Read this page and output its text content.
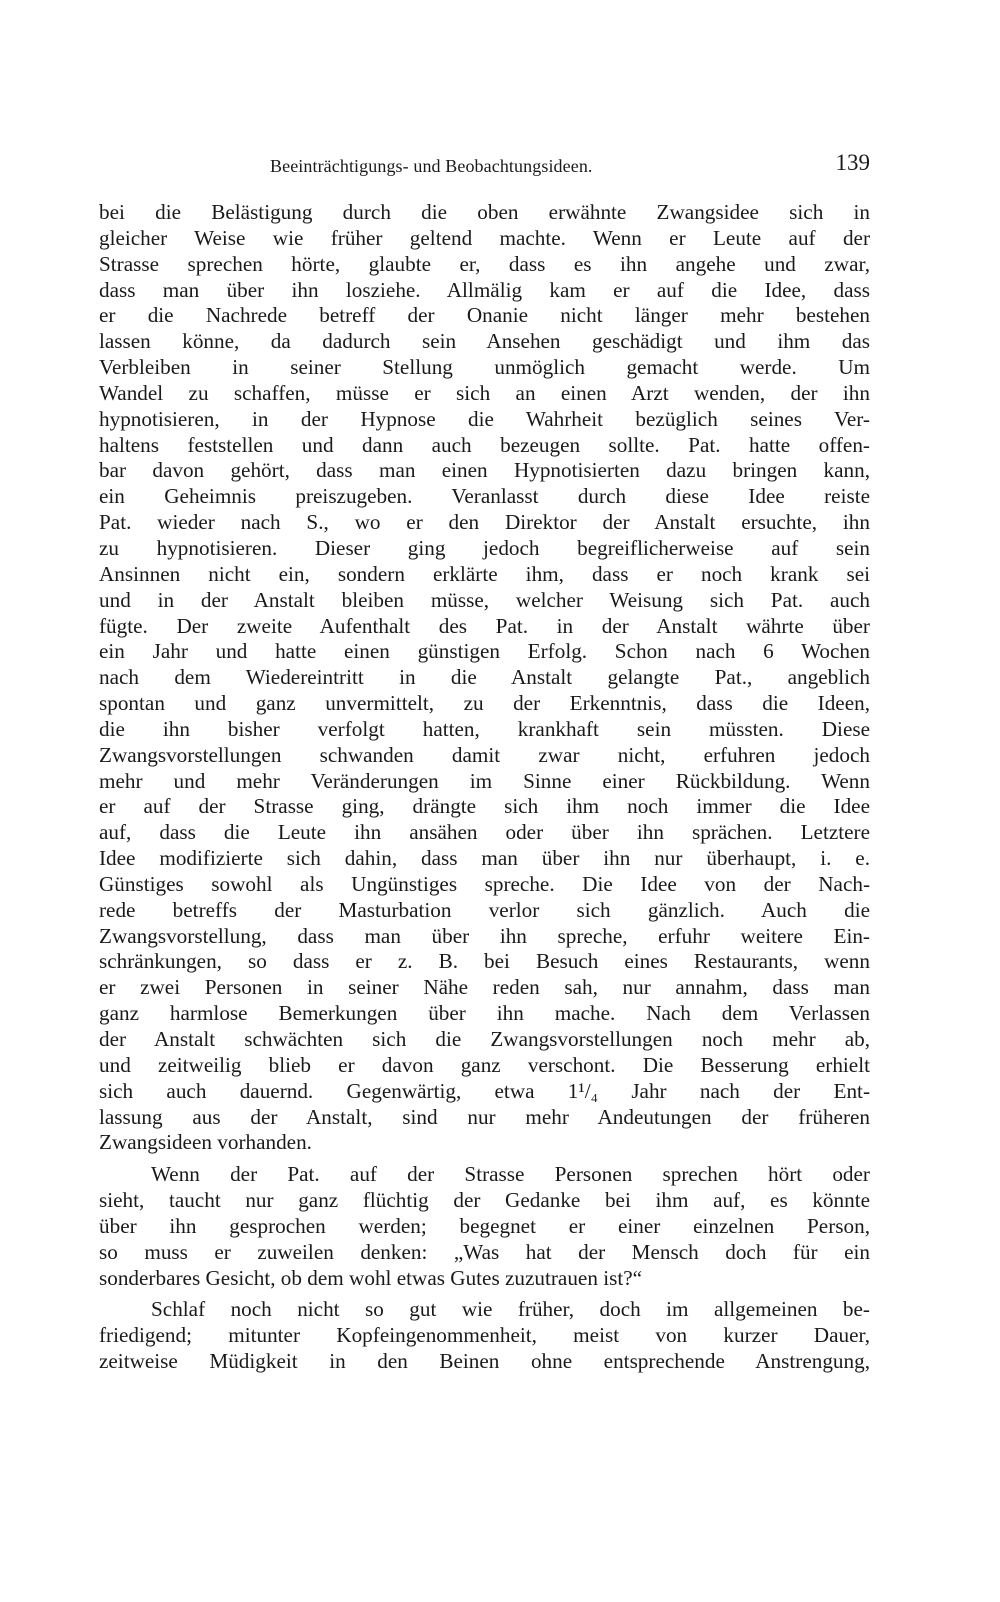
Beeinträchtigungs- und Beobachtungsideen.	139
bei die Belästigung durch die oben erwähnte Zwangsidee sich in
gleicher Weise wie früher geltend machte. Wenn er Leute auf der
Strasse sprechen hörte, glaubte er, dass es ihn angehe und zwar,
dass man über ihn losziehe. Allmälig kam er auf die Idee, dass
er die Nachrede betreff der Onanie nicht länger mehr bestehen
lassen könne, da dadurch sein Ansehen geschädigt und ihm das
Verbleiben in seiner Stellung unmöglich gemacht werde. Um
Wandel zu schaffen, müsse er sich an einen Arzt wenden, der ihn
hypnotisieren, in der Hypnose die Wahrheit bezüglich seines Ver-
haltens feststellen und dann auch bezeugen sollte. Pat. hatte offen-
bar davon gehört, dass man einen Hypnotisierten dazu bringen kann,
ein Geheimnis preiszugeben. Veranlasst durch diese Idee reiste
Pat. wieder nach S., wo er den Direktor der Anstalt ersuchte, ihn
zu hypnotisieren. Dieser ging jedoch begreiflicherweise auf sein
Ansinnen nicht ein, sondern erklärte ihm, dass er noch krank sei
und in der Anstalt bleiben müsse, welcher Weisung sich Pat. auch
fügte. Der zweite Aufenthalt des Pat. in der Anstalt währte über
ein Jahr und hatte einen günstigen Erfolg. Schon nach 6 Wochen
nach dem Wiedereintritt in die Anstalt gelangte Pat., angeblich
spontan und ganz unvermittelt, zu der Erkenntnis, dass die Ideen,
die ihn bisher verfolgt hatten, krankhaft sein müssten. Diese
Zwangsvorstellungen schwanden damit zwar nicht, erfuhren jedoch
mehr und mehr Veränderungen im Sinne einer Rückbildung. Wenn
er auf der Strasse ging, drängte sich ihm noch immer die Idee
auf, dass die Leute ihn ansähen oder über ihn sprächen. Letztere
Idee modifizierte sich dahin, dass man über ihn nur überhaupt, i. e.
Günstiges sowohl als Ungünstiges spreche. Die Idee von der Nach-
rede betreffs der Masturbation verlor sich gänzlich. Auch die
Zwangsvorstellung, dass man über ihn spreche, erfuhr weitere Ein-
schränkungen, so dass er z. B. bei Besuch eines Restaurants, wenn
er zwei Personen in seiner Nähe reden sah, nur annahm, dass man
ganz harmlose Bemerkungen über ihn mache. Nach dem Verlassen
der Anstalt schwächten sich die Zwangsvorstellungen noch mehr ab,
und zeitweilig blieb er davon ganz verschont. Die Besserung erhielt
sich auch dauernd. Gegenwärtig, etwa 1¹/₄ Jahr nach der Ent-
lassung aus der Anstalt, sind nur mehr Andeutungen der früheren
Zwangsideen vorhanden.
Wenn der Pat. auf der Strasse Personen sprechen hört oder
sieht, taucht nur ganz flüchtig der Gedanke bei ihm auf, es könnte
über ihn gesprochen werden; begegnet er einer einzelnen Person,
so muss er zuweilen denken: „Was hat der Mensch doch für ein
sonderbares Gesicht, ob dem wohl etwas Gutes zuzutrauen ist?“
Schlaf noch nicht so gut wie früher, doch im allgemeinen be-
friedigend; mitunter Kopfeingenommenheit, meist von kurzer Dauer,
zeitweise Müdigkeit in den Beinen ohne entsprechende Anstrengung,
